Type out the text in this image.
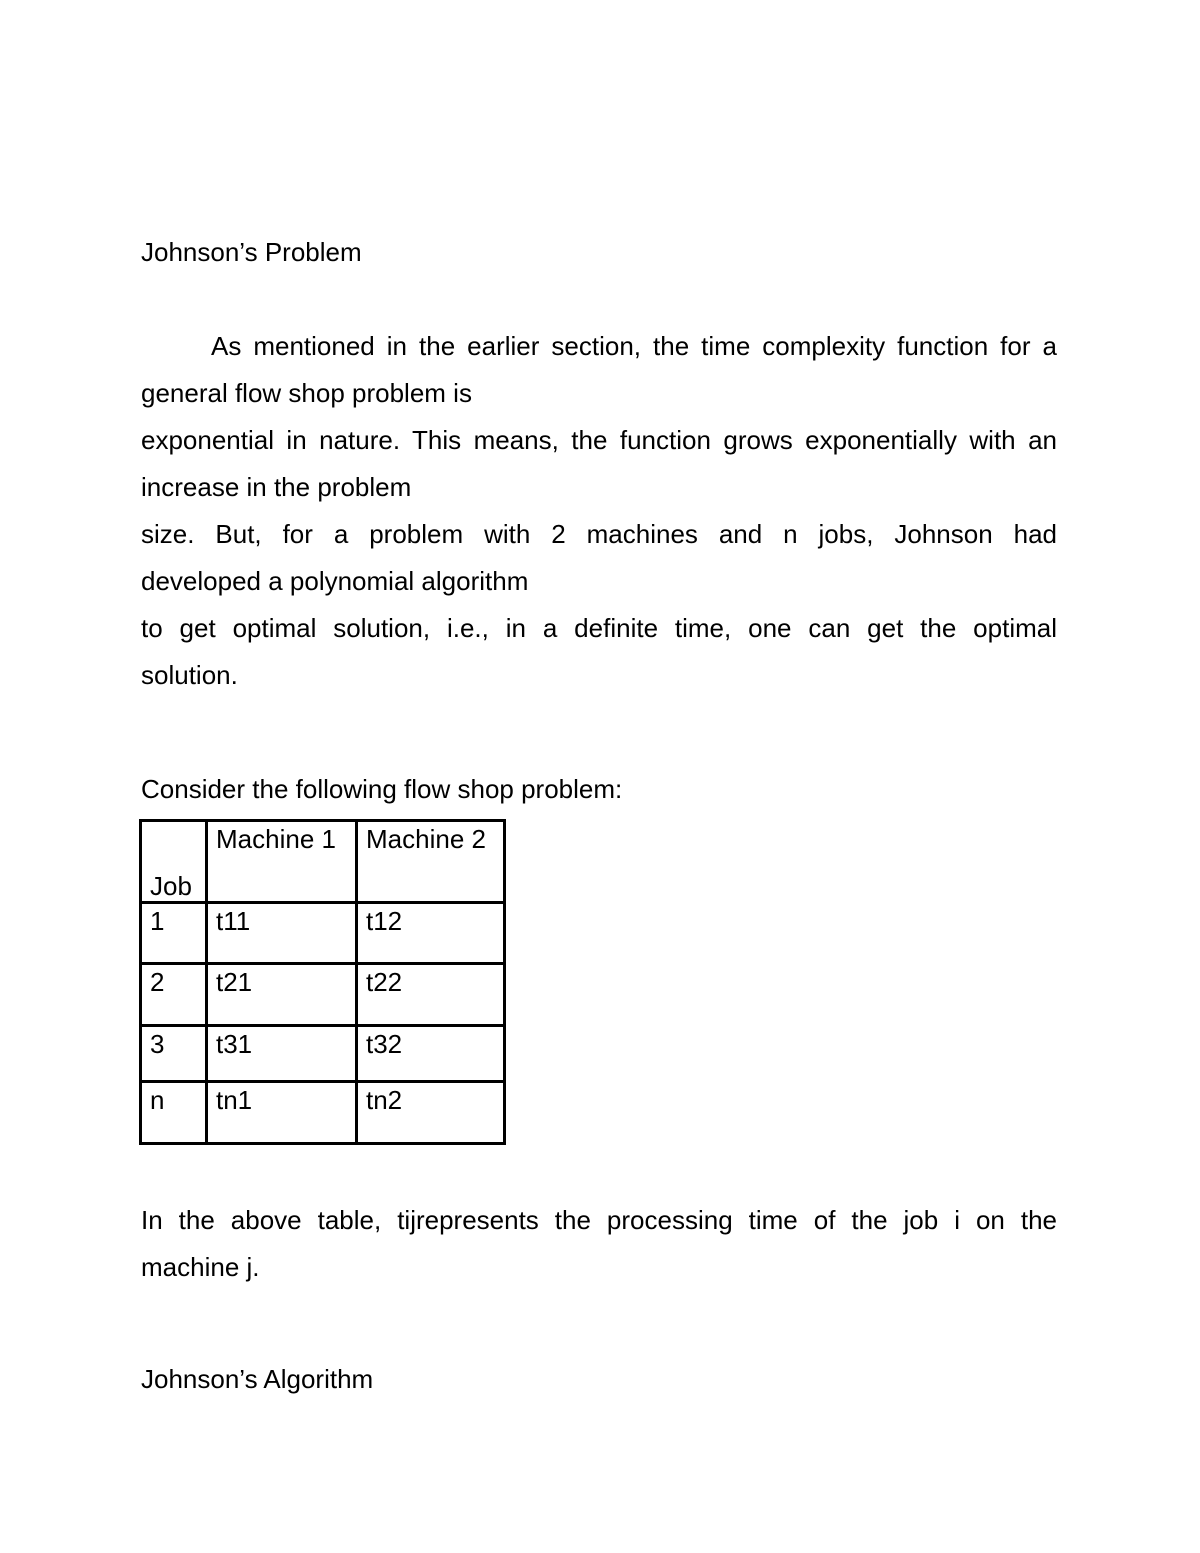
Johnson’s Problem
As mentioned in the earlier section, the time complexity function for a
general flow shop problem is
exponential in nature. This means, the function grows exponentially with an
increase in the problem
size. But, for a problem with 2 machines and n jobs, Johnson had
developed a polynomial algorithm
to get optimal solution, i.e., in a definite time, one can get the optimal
solution.
Consider the following flow shop problem:
Job	Machine 1	Machine 2

1	t11	t12

2	t21	t22

3	t31	t32

n	tn1	tn2
In the above table, tijrepresents the processing time of the job i on the
machine j.
Johnson’s Algorithm
